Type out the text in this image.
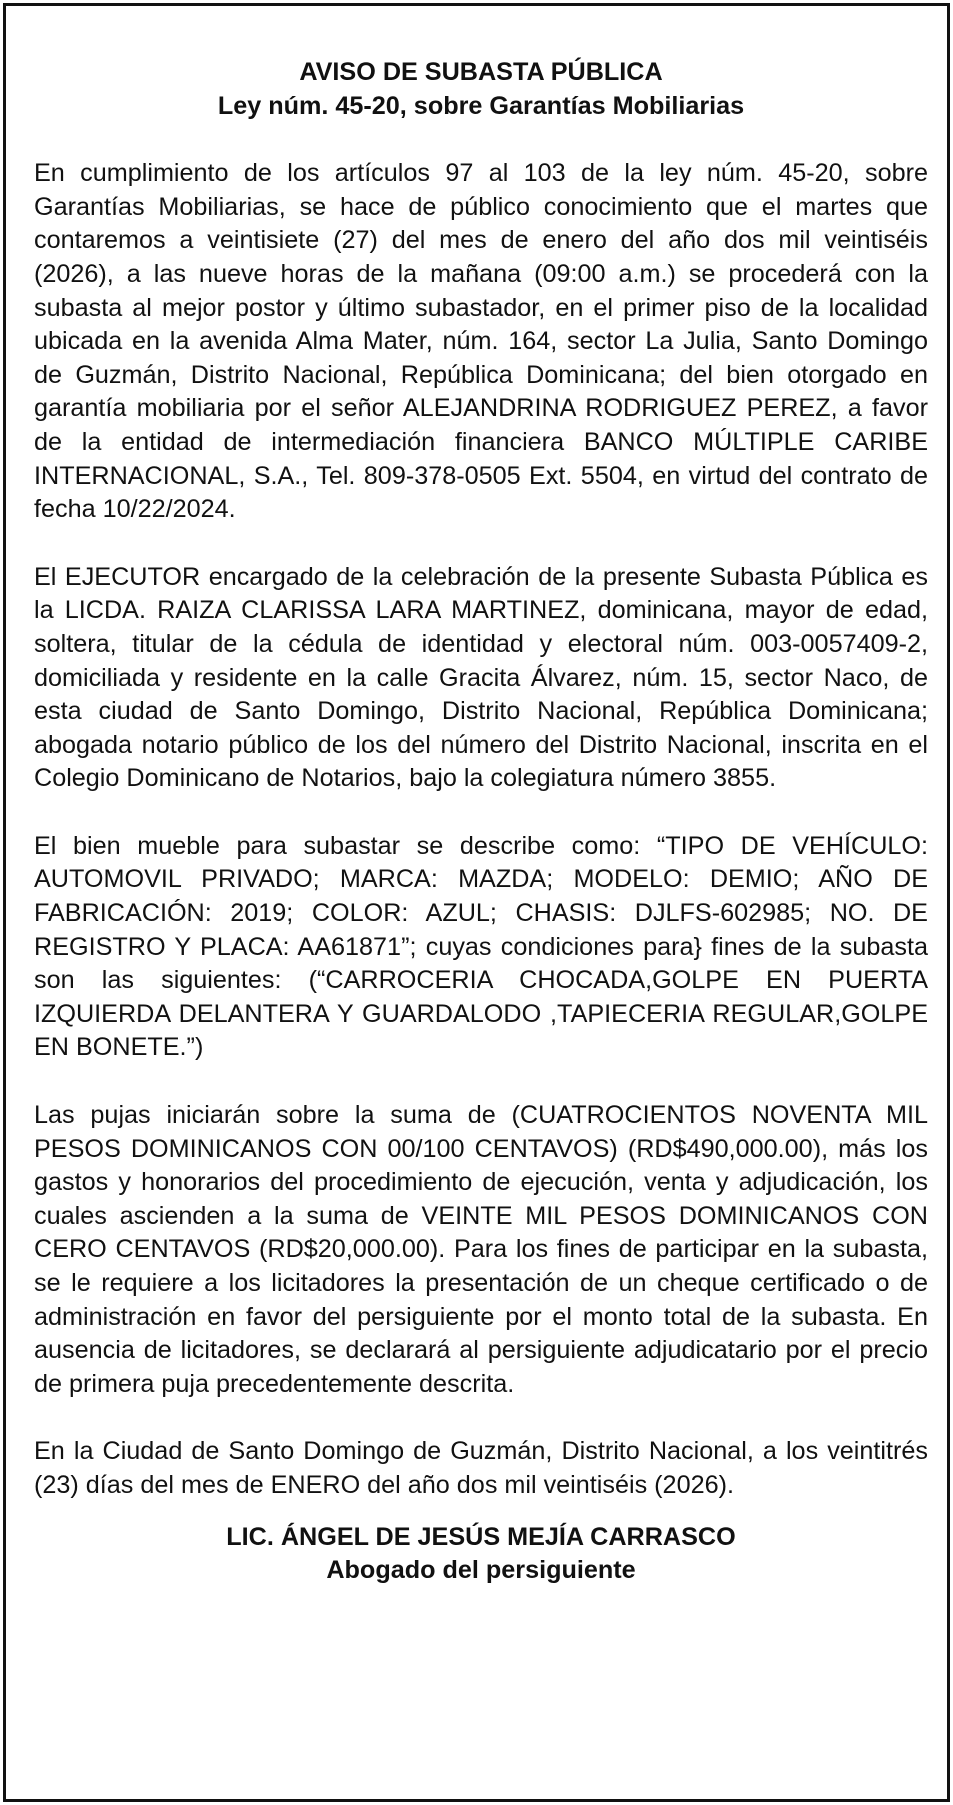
AVISO DE SUBASTA PÚBLICA

Ley núm. 45-20, sobre Garantías Mobiliarias

En cumplimiento de los artículos 97 al 103 de la ley núm. 45-20, sobre Garantías Mobiliarias, se hace de público conocimiento que el martes que contaremos a veintisiete (27) del mes de enero del año dos mil veintiséis (2026), a las nueve horas de la mañana (09:00 a.m.) se procederá con la subasta al mejor postor y último subastador, en el primer piso de la localidad ubicada en la avenida Alma Mater, núm. 164, sector La Julia, Santo Domingo de Guzmán, Distrito Nacional, República Dominicana; del bien otorgado en garantía mobiliaria por el señor ALEJANDRINA RODRIGUEZ PEREZ, a favor de la entidad de intermediación financiera BANCO MÚLTIPLE CARIBE INTERNACIONAL, S.A., Tel. 809-378-0505 Ext. 5504, en virtud del contrato de fecha 10/22/2024.

El EJECUTOR encargado de la celebración de la presente Subasta Pública es la LICDA. RAIZA CLARISSA LARA MARTINEZ, dominicana, mayor de edad, soltera, titular de la cédula de identidad y electoral núm. 003-0057409-2, domiciliada y residente en la calle Gracita Álvarez, núm. 15, sector Naco, de esta ciudad de Santo Domingo, Distrito Nacional, República Dominicana; abogada notario público de los del número del Distrito Nacional, inscrita en el Colegio Dominicano de Notarios, bajo la colegiatura número 3855.

El bien mueble para subastar se describe como: “TIPO DE VEHÍCULO: AUTOMOVIL PRIVADO; MARCA: MAZDA; MODELO: DEMIO; AÑO DE FABRICACIÓN: 2019; COLOR: AZUL; CHASIS: DJLFS-602985; NO. DE REGISTRO Y PLACA: AA61871”; cuyas condiciones para} fines de la subasta son las siguientes: (“CARROCERIA CHOCADA,GOLPE EN PUERTA IZQUIERDA DELANTERA Y GUARDALODO ,TAPIECERIA REGULAR,GOLPE EN BONETE.”)

Las pujas iniciarán sobre la suma de (CUATROCIENTOS NOVENTA MIL PESOS DOMINICANOS CON 00/100 CENTAVOS) (RD$490,000.00), más los gastos y honorarios del procedimiento de ejecución, venta y adjudicación, los cuales ascienden a la suma de VEINTE MIL PESOS DOMINICANOS CON CERO CENTAVOS (RD$20,000.00). Para los fines de participar en la subasta, se le requiere a los licitadores la presentación de un cheque certificado o de administración en favor del persiguiente por el monto total de la subasta. En ausencia de licitadores, se declarará al persiguiente adjudicatario por el precio de primera puja precedentemente descrita.

En la Ciudad de Santo Domingo de Guzmán, Distrito Nacional, a los veintitrés (23) días del mes de ENERO del año dos mil veintiséis (2026).

LIC. ÁNGEL DE JESÚS MEJÍA CARRASCO

Abogado del persiguiente
